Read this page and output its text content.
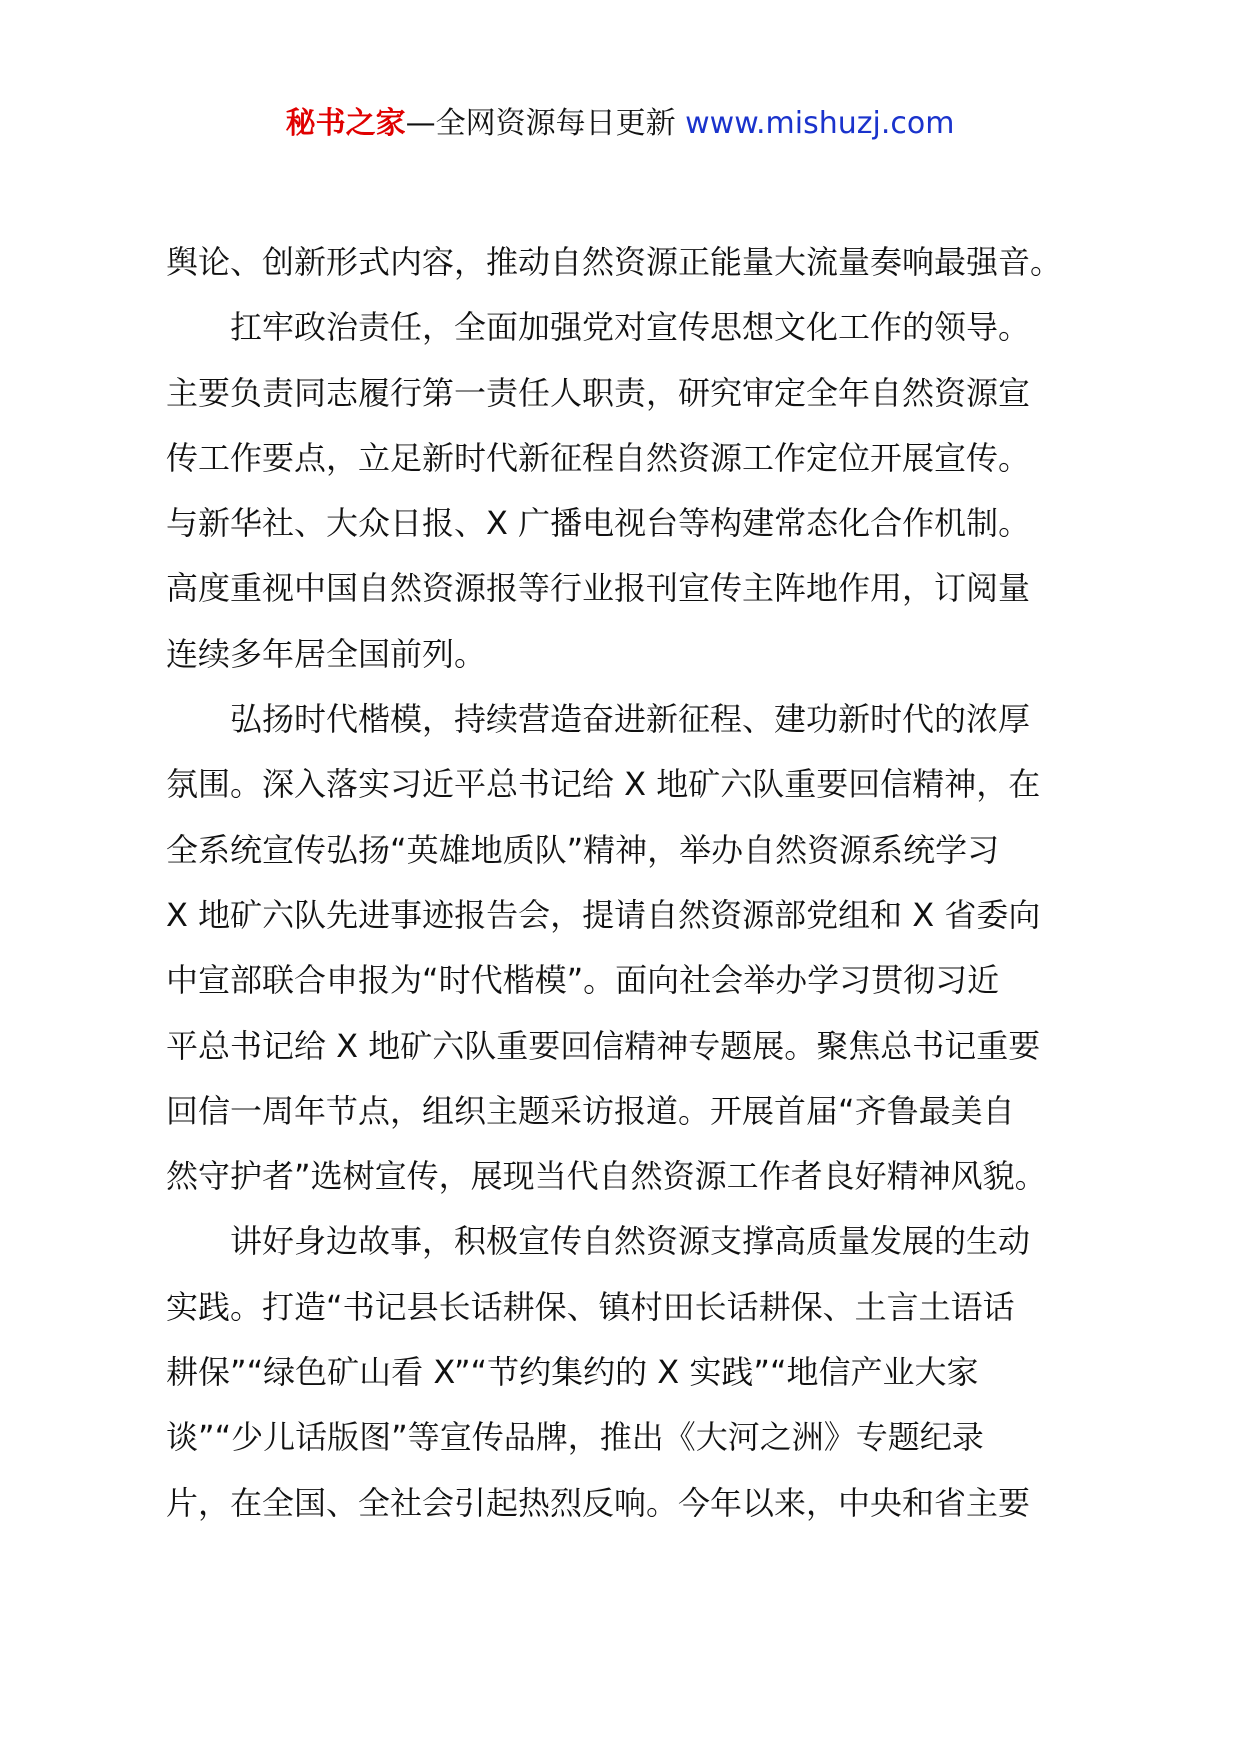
秘书之家—全网资源每日更新 www.mishuzj.com
舆论、创新形式内容，推动自然资源正能量大流量奏响最强音。
　　扛牢政治责任，全面加强党对宣传思想文化工作的领导。
主要负责同志履行第一责任人职责，研究审定全年自然资源宣
传工作要点，立足新时代新征程自然资源工作定位开展宣传。
与新华社、大众日报、X 广播电视台等构建常态化合作机制。
高度重视中国自然资源报等行业报刊宣传主阵地作用，订阅量
连续多年居全国前列。
　　弘扬时代楷模，持续营造奋进新征程、建功新时代的浓厚
氛围。深入落实习近平总书记给 X 地矿六队重要回信精神，在
全系统宣传弘扬“英雄地质队”精神，举办自然资源系统学习
X 地矿六队先进事迹报告会，提请自然资源部党组和 X 省委向
中宣部联合申报为“时代楷模”。面向社会举办学习贯彻习近
平总书记给 X 地矿六队重要回信精神专题展。聚焦总书记重要
回信一周年节点，组织主题采访报道。开展首届“齐鲁最美自
然守护者”选树宣传，展现当代自然资源工作者良好精神风貌。
　　讲好身边故事，积极宣传自然资源支撑高质量发展的生动
实践。打造“书记县长话耕保、镇村田长话耕保、土言土语话
耕保”“绿色矿山看 X”“节约集约的 X 实践”“地信产业大家
谈”“少儿话版图”等宣传品牌，推出《大河之洲》专题纪录
片，在全国、全社会引起热烈反响。今年以来，中央和省主要
